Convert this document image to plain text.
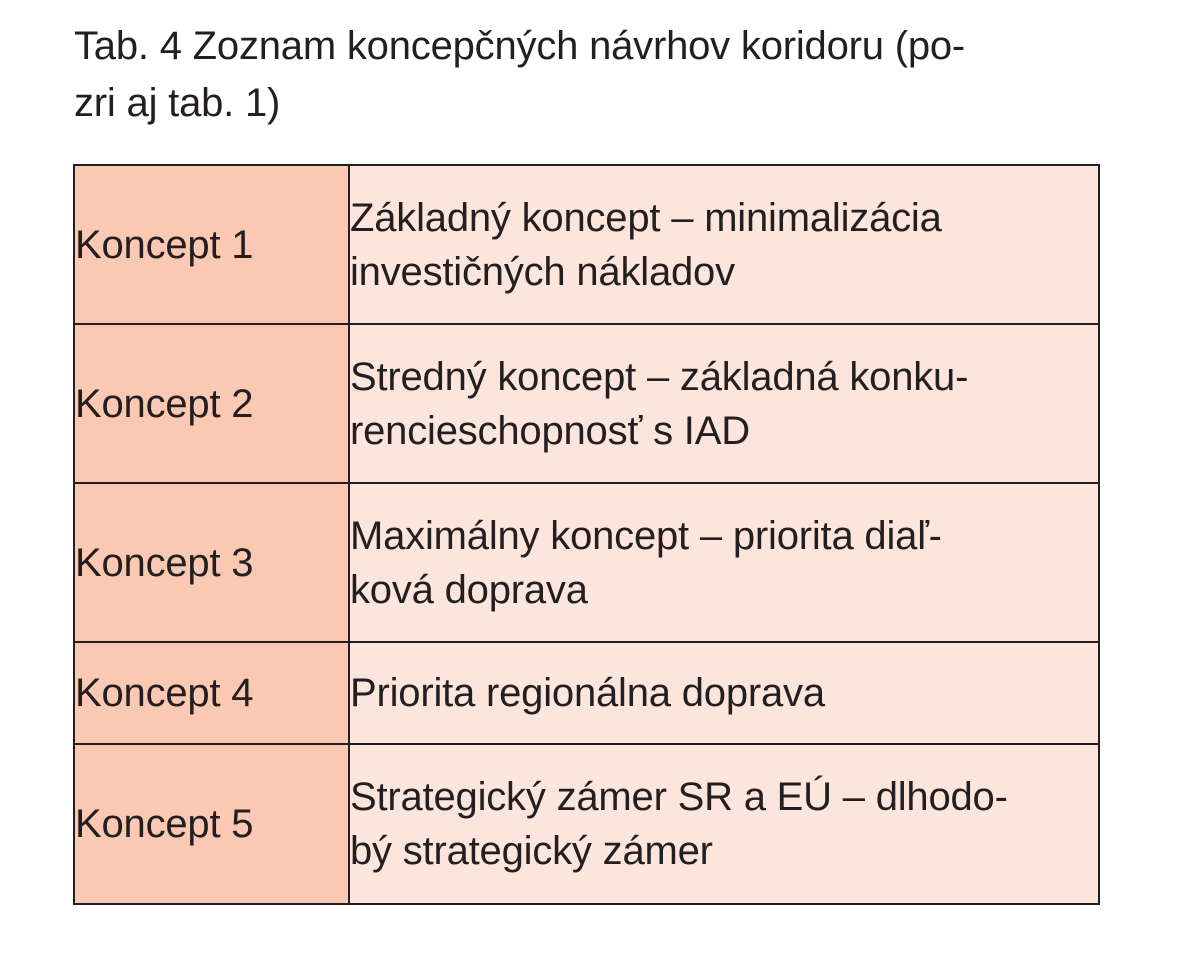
Tab. 4 Zoznam koncepčných návrhov koridoru (po-
zri aj tab. 1)
Koncept 1	Základný koncept – minimalizácia
investičných nákladov

Koncept 2	Stredný koncept – základná konku-
rencieschopnosť s IAD

Koncept 3	Maximálny koncept – priorita diaľ-
ková doprava

Koncept 4	Priorita regionálna doprava

Koncept 5	Strategický zámer SR a EÚ – dlhodo-
bý strategický zámer
